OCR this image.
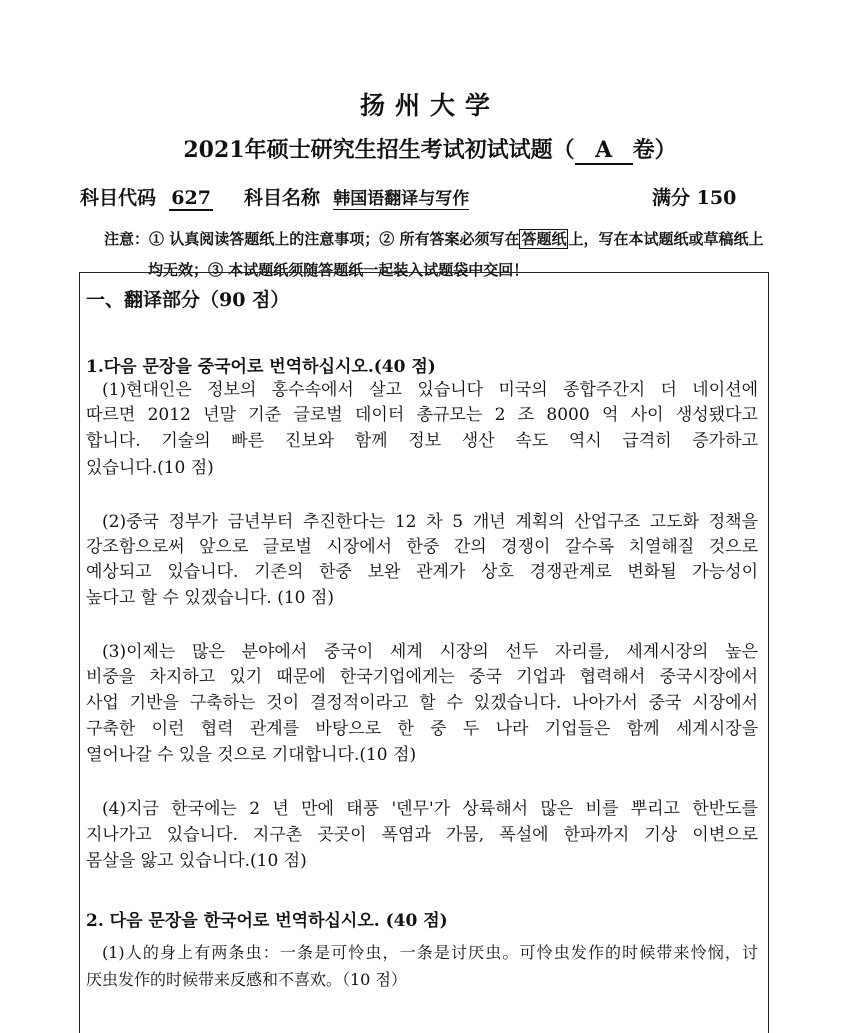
扬州大学
2021年硕士研究生招生考试初试试题（ A 卷）
科目代码 627 科目名称 韩国语翻译与写作	满分 150
注意：① 认真阅读答题纸上的注意事项；② 所有答案必须写在 答题纸 上，写在本试题纸或草稿纸上
均无效；③ 本试题纸须随答题纸一起装入试题袋中交回！
一、翻译部分（90 점）
1.다음 문장을 중국어로 번역하십시오.(40 점)
(1)현대인은 정보의 홍수속에서 살고 있습니다 미국의 종합주간지 더 네이션에
따르면 2012 년말 기준 글로벌 데이터 총규모는 2 조 8000 억 사이 생성됐다고
합니다. 기술의 빠른 진보와 함께 정보 생산 속도 역시 급격히 증가하고
있습니다.(10 점)
(2)중국 정부가 금년부터 추진한다는 12 차 5 개년 계획의 산업구조 고도화 정책을
강조함으로써 앞으로 글로벌 시장에서 한중 간의 경쟁이 갈수록 치열해질 것으로
예상되고 있습니다. 기존의 한중 보완 관계가 상호 경쟁관계로 변화될 가능성이
높다고 할 수 있겠습니다. (10 점)
(3)이제는 많은 분야에서 중국이 세계 시장의 선두 자리를, 세계시장의 높은
비중을 차지하고 있기 때문에 한국기업에게는 중국 기업과 협력해서 중국시장에서
사업 기반을 구축하는 것이 결정적이라고 할 수 있겠습니다. 나아가서 중국 시장에서
구축한 이런 협력 관계를 바탕으로 한 중 두 나라 기업들은 함께 세계시장을
열어나갈 수 있을 것으로 기대합니다.(10 점)
(4)지금 한국에는 2 년 만에 태풍 '덴무'가 상륙해서 많은 비를 뿌리고 한반도를
지나가고 있습니다. 지구촌 곳곳이 폭염과 가뭄, 폭설에 한파까지 기상 이변으로
몸살을 앓고 있습니다.(10 점)
2. 다음 문장을 한국어로 번역하십시오. (40 점)
(1)人的身上有两条虫：一条是可怜虫，一条是讨厌虫。可怜虫发作的时候带来怜悯，讨
厌虫发作的时候带来反感和不喜欢。（10 점）
